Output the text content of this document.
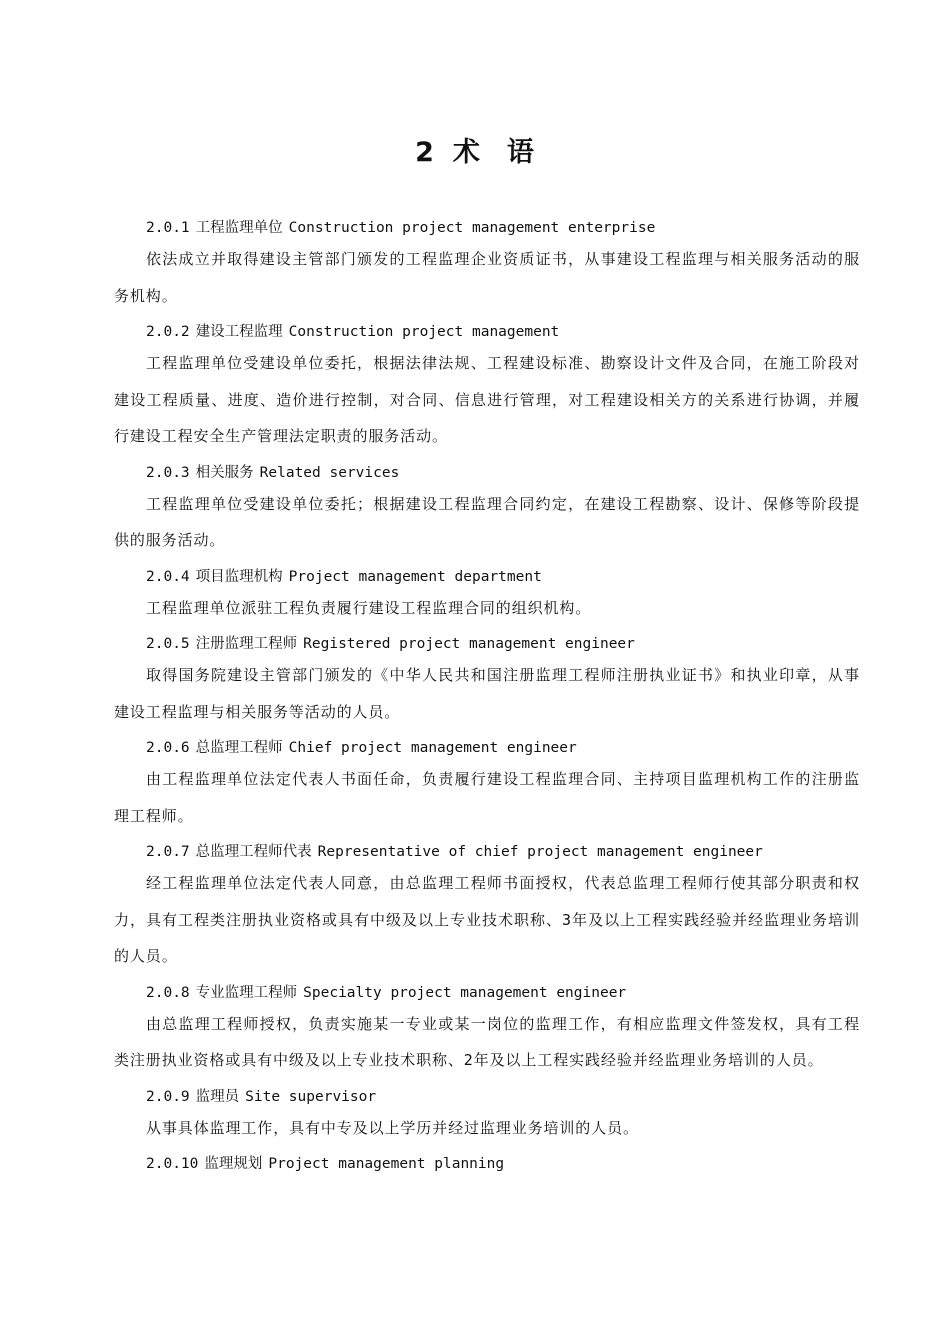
2 术 语
2.0.1 工程监理单位 Construction project management enterprise
依法成立并取得建设主管部门颁发的工程监理企业资质证书，从事建设工程监理与相关服务活动的服务机构。
2.0.2 建设工程监理 Construction project management
工程监理单位受建设单位委托，根据法律法规、工程建设标准、勘察设计文件及合同，在施工阶段对建设工程质量、进度、造价进行控制，对合同、信息进行管理，对工程建设相关方的关系进行协调，并履行建设工程安全生产管理法定职责的服务活动。
2.0.3 相关服务 Related services
工程监理单位受建设单位委托；根据建设工程监理合同约定，在建设工程勘察、设计、保修等阶段提供的服务活动。
2.0.4 项目监理机构 Project management department
工程监理单位派驻工程负责履行建设工程监理合同的组织机构。
2.0.5 注册监理工程师 Registered project management engineer
取得国务院建设主管部门颁发的《中华人民共和国注册监理工程师注册执业证书》和执业印章，从事建设工程监理与相关服务等活动的人员。
2.0.6 总监理工程师 Chief project management engineer
由工程监理单位法定代表人书面任命，负责履行建设工程监理合同、主持项目监理机构工作的注册监理工程师。
2.0.7 总监理工程师代表 Representative of chief project management engineer
经工程监理单位法定代表人同意，由总监理工程师书面授权，代表总监理工程师行使其部分职责和权力，具有工程类注册执业资格或具有中级及以上专业技术职称、3年及以上工程实践经验并经监理业务培训的人员。
2.0.8 专业监理工程师 Specialty project management engineer
由总监理工程师授权，负责实施某一专业或某一岗位的监理工作，有相应监理文件签发权，具有工程类注册执业资格或具有中级及以上专业技术职称、2年及以上工程实践经验并经监理业务培训的人员。
2.0.9 监理员 Site supervisor
从事具体监理工作，具有中专及以上学历并经过监理业务培训的人员。
2.0.10 监理规划 Project management planning
